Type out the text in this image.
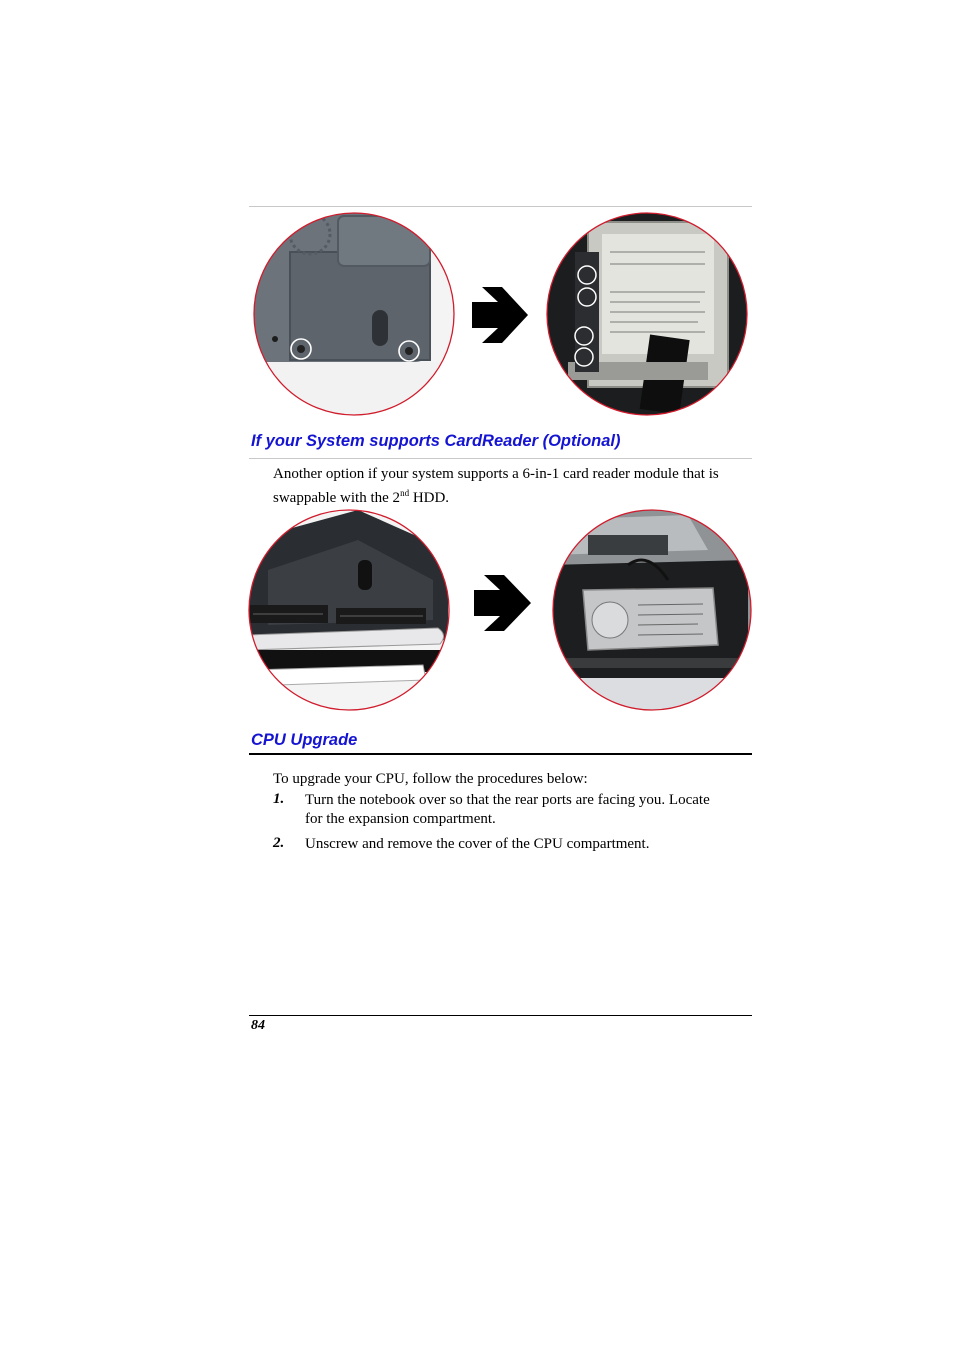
If your System supports CardReader (Optional)
Another option if your system supports a 6-in-1 card reader module that is
swappable with the 2nd HDD.
CPU Upgrade
To upgrade your CPU, follow the procedures below:
1. Turn the notebook over so that the rear ports are facing you. Locate
for the expansion compartment.
2. Unscrew and remove the cover of the CPU compartment.
84
